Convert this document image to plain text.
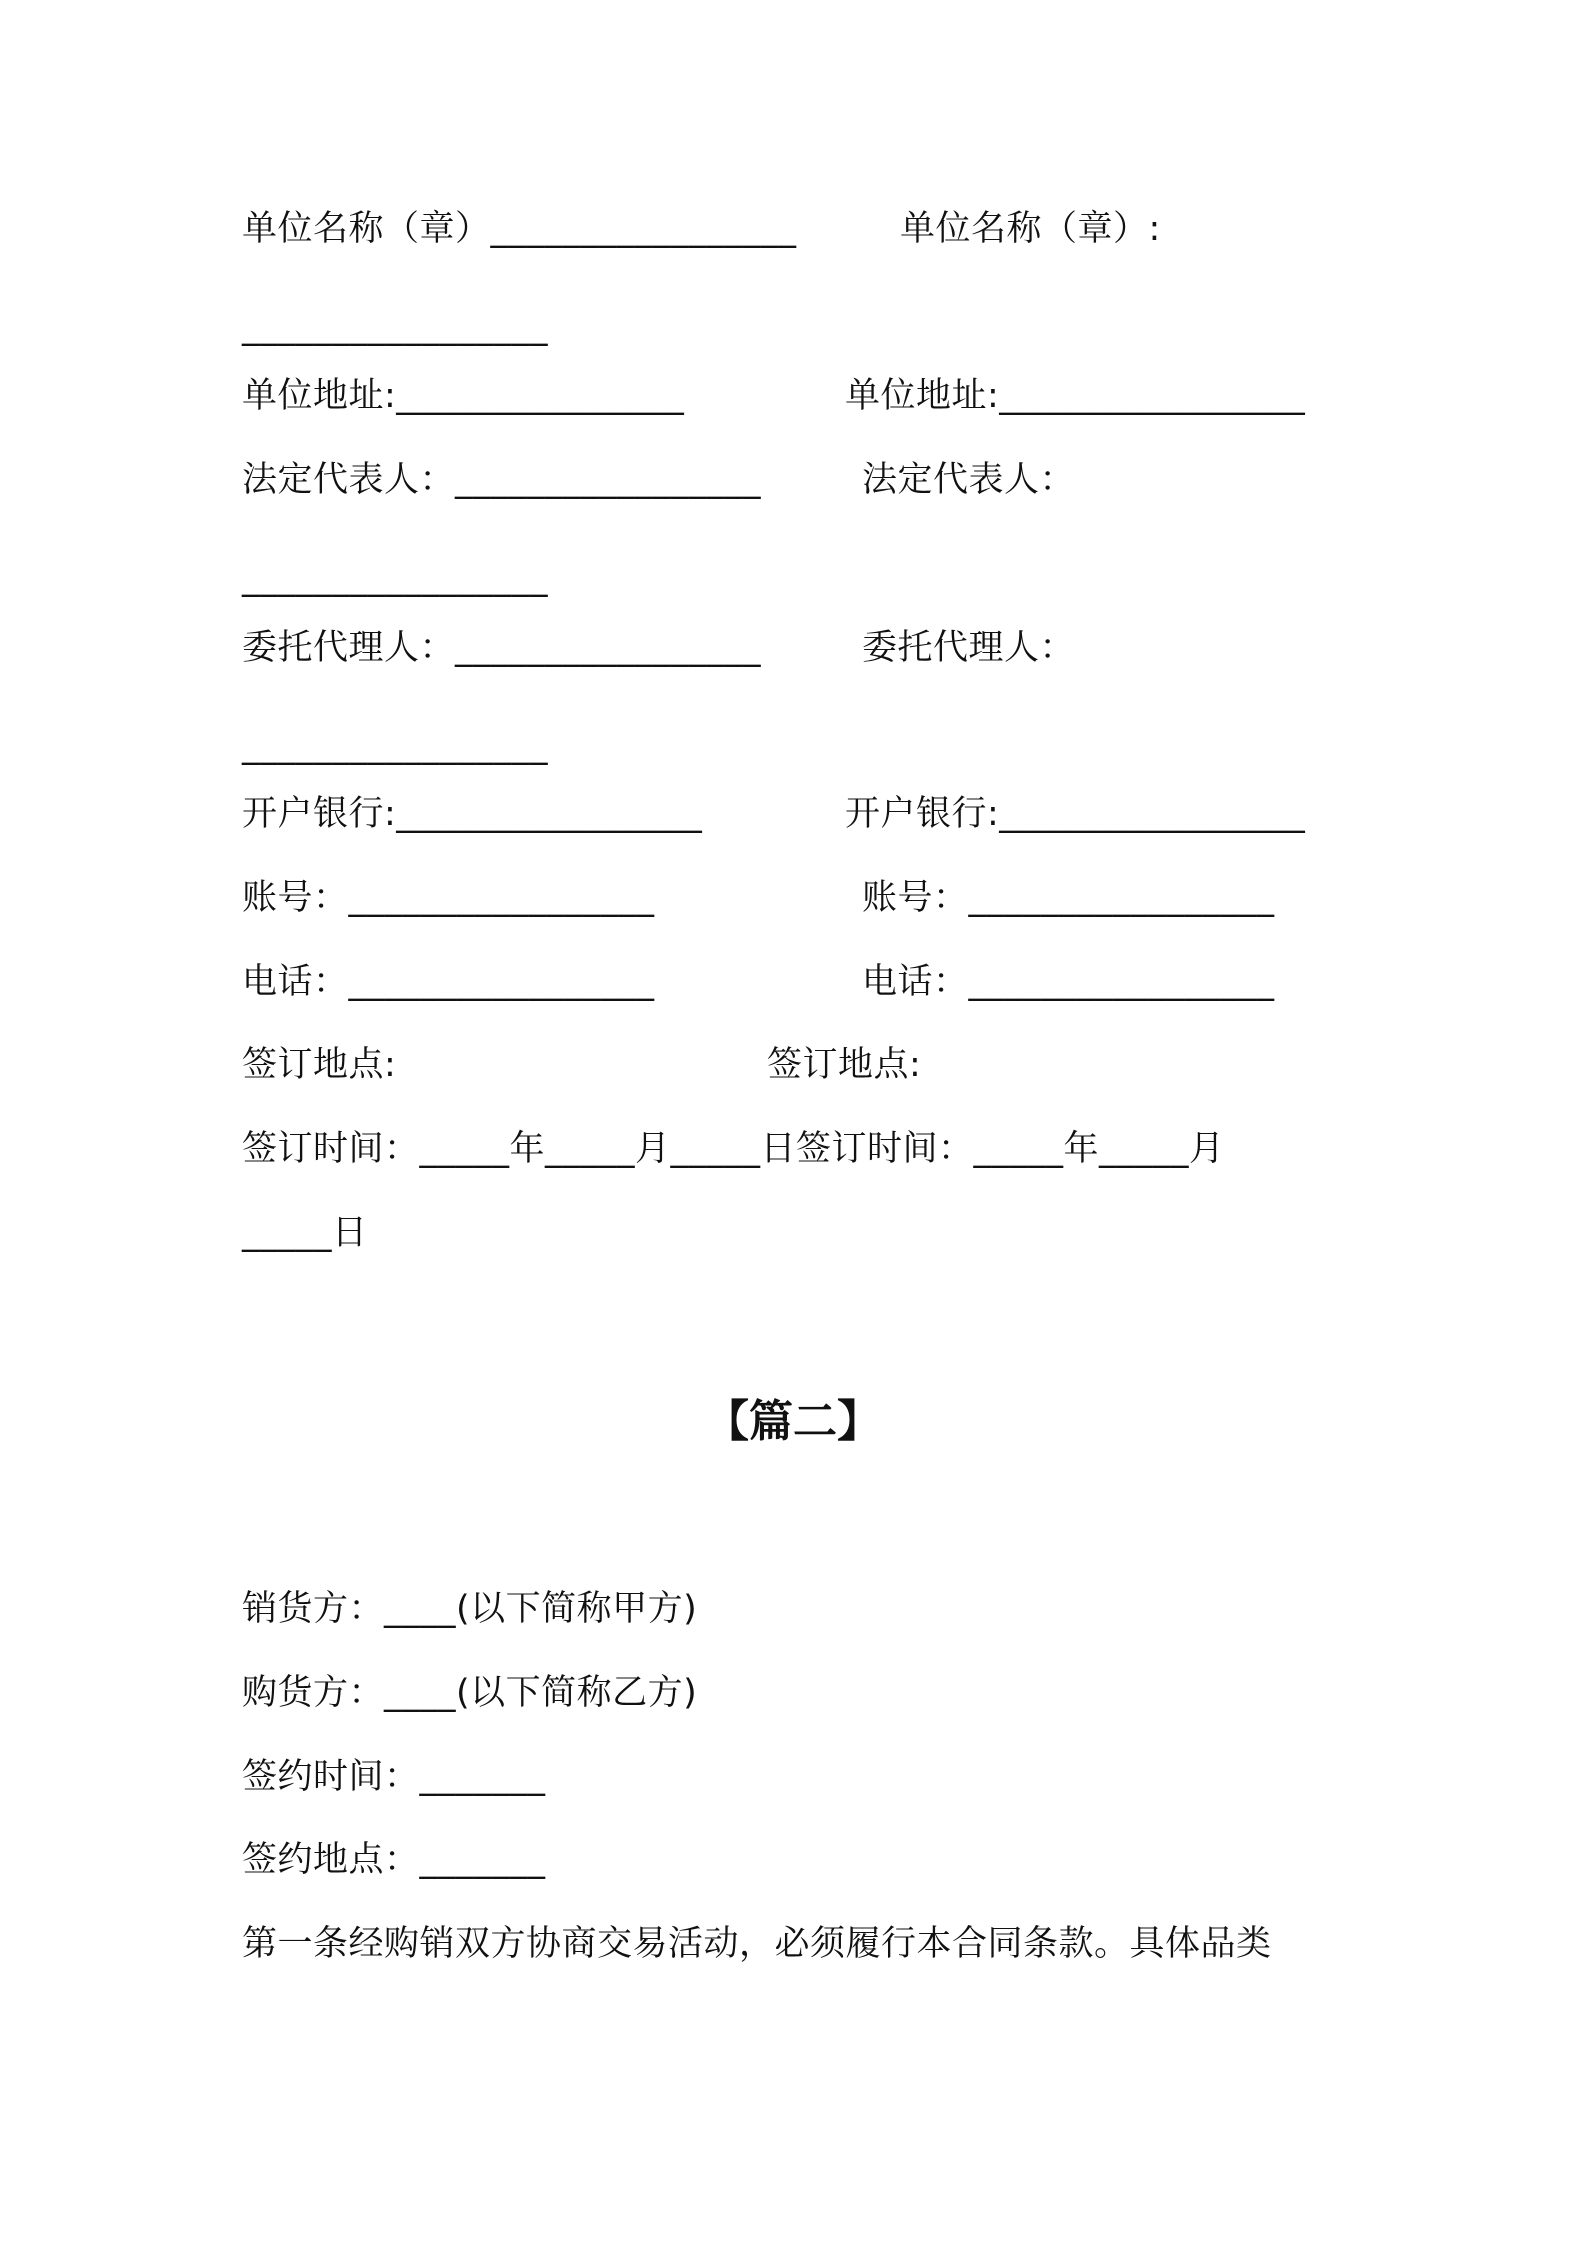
单位名称（章）_________________	单位名称（章）:
_________________
单位地址:________________	单位地址:_________________
法定代表人：_________________	法定代表人：
_________________
委托代理人：_________________	委托代理人：
_________________
开户银行:_________________	开户银行:_________________
账号：_________________	账号：_________________
电话：_________________	电话：_________________
签订地点:	签订地点:
签订时间：_____年_____月_____日签订时间：_____年_____月
_____日
【篇二】
销货方：____(以下简称甲方)
购货方：____(以下简称乙方)
签约时间：_______
签约地点：_______
第一条经购销双方协商交易活动，必须履行本合同条款。具体品类
